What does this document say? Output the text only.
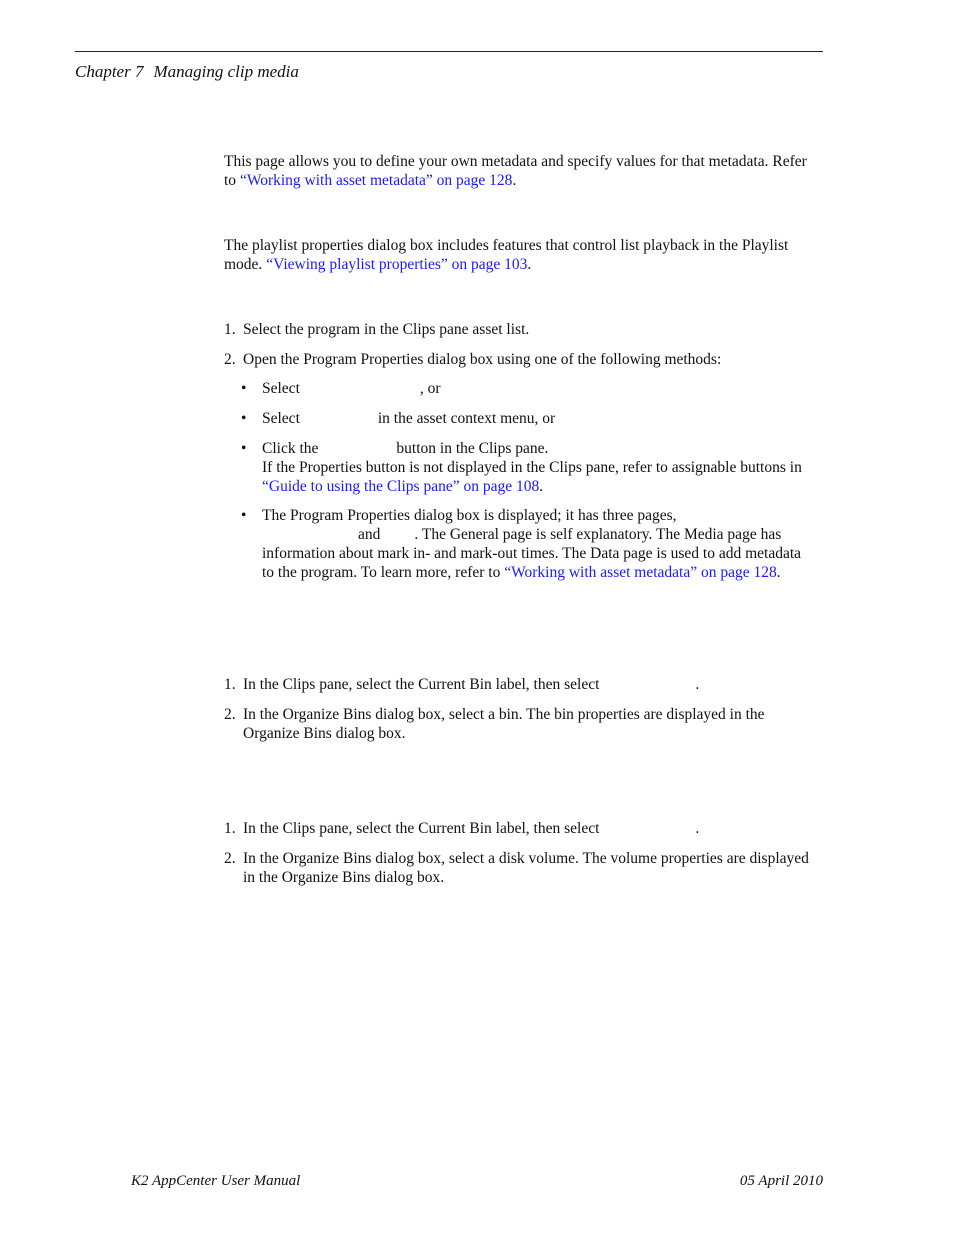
Chapter 7 Managing clip media

This page allows you to define your own metadata and specify values for that metadata. Refer to “Working with asset metadata” on page 128.

The playlist properties dialog box includes features that control list playback in the Playlist mode. “Viewing playlist properties” on page 103.

1. Select the program in the Clips pane asset list.
2. Open the Program Properties dialog box using one of the following methods:
• Select	, or
• Select	in the asset context menu, or
• Click the	button in the Clips pane.
If the Properties button is not displayed in the Clips pane, refer to assignable buttons in “Guide to using the Clips pane” on page 108.
• The Program Properties dialog box is displayed; it has three pages,
and . The General page is self explanatory. The Media page has information about mark in- and mark-out times. The Data page is used to add metadata to the program. To learn more, refer to “Working with asset metadata” on page 128.
1. In the Clips pane, select the Current Bin label, then select	.
2. In the Organize Bins dialog box, select a bin. The bin properties are displayed in the Organize Bins dialog box.
1. In the Clips pane, select the Current Bin label, then select	.
2. In the Organize Bins dialog box, select a disk volume. The volume properties are displayed in the Organize Bins dialog box.
K2 AppCenter User Manual	05 April 2010
